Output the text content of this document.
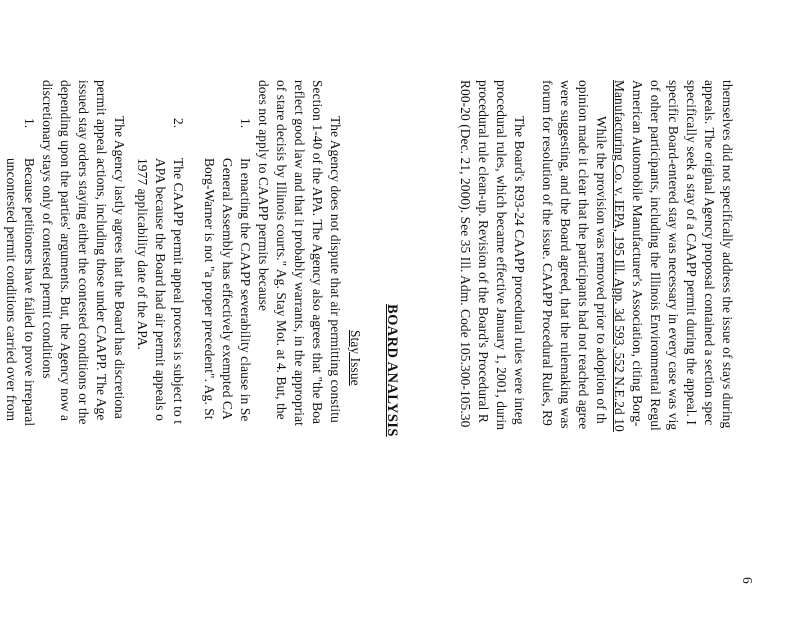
6
themselves did not specifically address the issue of stays during
appeals. The original Agency proposal contained a section spec
specifically seek a stay of a CAAPP permit during the appeal. I
specific Board-entered stay was necessary in every case was vig
of other participants, including the Illinois Environmental Regul
American Automobile Manufacturer's Association, citing Borg-
Manufacturing Co. v. IEPA, 195 Ill. App. 3d 593, 552 N.E.2d 10
While the provision was removed prior to adoption of th
opinion made it clear that the participants had not reached agree
were suggesting, and the Board agreed, that the rulemaking was
forum for resolution of the issue. CAAPP Procedural Rules, R9
The Board's R93-24 CAAPP procedural rules were integ
procedural rules, which became effective January 1, 2001, durin
procedural rule clean-up. Revision of the Board's Procedural R
R00-20 (Dec. 21, 2000). See 35 Ill. Adm. Code 105.300-105.30
BOARD ANALYSIS
Stay Issue
The Agency does not dispute that air permitting constitu
Section 1-40 of the APA. The Agency also agrees that "the Boa
reflect good law and that it probably warrants, in the appropriat
of stare decisis by Illinois courts." Ag. Stay Mot. at 4. But, the
does not apply to CAAPP permits because
1.
In enacting the CAAPP severability clause in Se
General Assembly has effectively exempted CA
Borg-Warner is not "a proper precedent". Ag. St
2.
The CAAPP permit appeal process is subject to t
APA because the Board had air permit appeals o
1977 applicability date of the APA.
The Agency lastly agrees that the Board has discretiona
permit appeal actions, including those under CAAPP. The Age
issued stay orders staying either the contested conditions or the
depending upon the parties' arguments. But, the Agency now a
discretionary stays only of contested permit conditions
1.
Because petitioners have failed to prove irreparal
uncontested permit conditions carried over from
